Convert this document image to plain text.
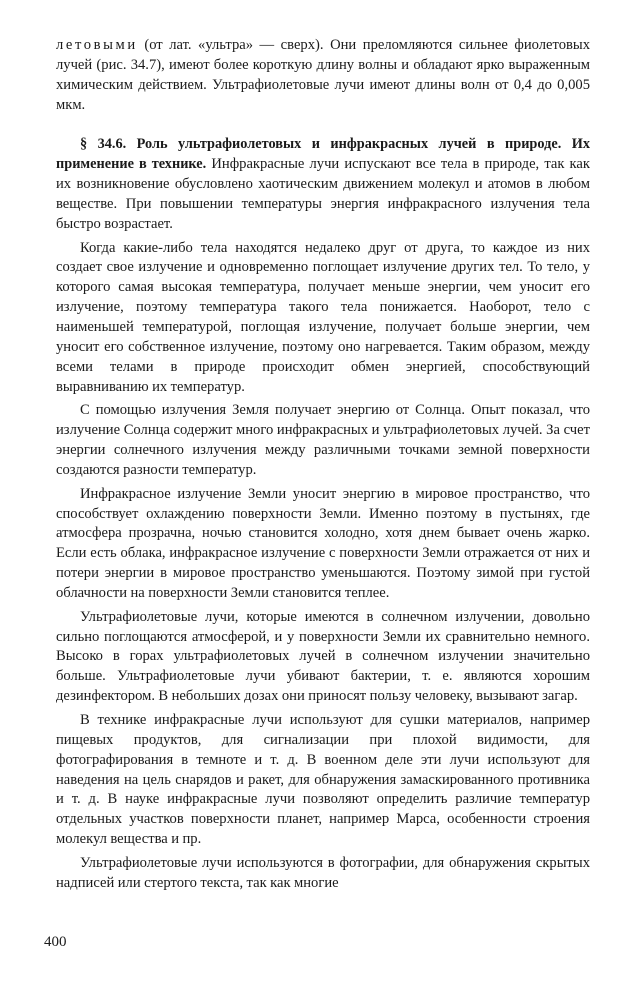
летовыми (от лат. «ультра» — сверх). Они преломляются сильнее фиолетовых лучей (рис. 34.7), имеют более короткую длину волны и обладают ярко выраженным химическим действием. Ультрафиолетовые лучи имеют длины волн от 0,4 до 0,005 мкм.

§ 34.6. Роль ультрафиолетовых и инфракрасных лучей в природе. Их применение в технике. Инфракрасные лучи испускают все тела в природе, так как их возникновение обусловлено хаотическим движением молекул и атомов в любом веществе. При повышении температуры энергия инфракрасного излучения тела быстро возрастает.

Когда какие-либо тела находятся недалеко друг от друга, то каждое из них создает свое излучение и одновременно поглощает излучение других тел. То тело, у которого самая высокая температура, получает меньше энергии, чем уносит его излучение, поэтому температура такого тела понижается. Наоборот, тело с наименьшей температурой, поглощая излучение, получает больше энергии, чем уносит его собственное излучение, поэтому оно нагревается. Таким образом, между всеми телами в природе происходит обмен энергией, способствующий выравниванию их температур.

С помощью излучения Земля получает энергию от Солнца. Опыт показал, что излучение Солнца содержит много инфракрасных и ультрафиолетовых лучей. За счет энергии солнечного излучения между различными точками земной поверхности создаются разности температур.

Инфракрасное излучение Земли уносит энергию в мировое пространство, что способствует охлаждению поверхности Земли. Именно поэтому в пустынях, где атмосфера прозрачна, ночью становится холодно, хотя днем бывает очень жарко. Если есть облака, инфракрасное излучение с поверхности Земли отражается от них и потери энергии в мировое пространство уменьшаются. Поэтому зимой при густой облачности на поверхности Земли становится теплее.

Ультрафиолетовые лучи, которые имеются в солнечном излучении, довольно сильно поглощаются атмосферой, и у поверхности Земли их сравнительно немного. Высоко в горах ультрафиолетовых лучей в солнечном излучении значительно больше. Ультрафиолетовые лучи убивают бактерии, т. е. являются хорошим дезинфектором. В небольших дозах они приносят пользу человеку, вызывают загар.

В технике инфракрасные лучи используют для сушки материалов, например пищевых продуктов, для сигнализации при плохой видимости, для фотографирования в темноте и т. д. В военном деле эти лучи используют для наведения на цель снарядов и ракет, для обнаружения замаскированного противника и т. д. В науке инфракрасные лучи позволяют определить различие температур отдельных участков поверхности планет, например Марса, особенности строения молекул вещества и пр.

Ультрафиолетовые лучи используются в фотографии, для обнаружения скрытых надписей или стертого текста, так как многие

400
